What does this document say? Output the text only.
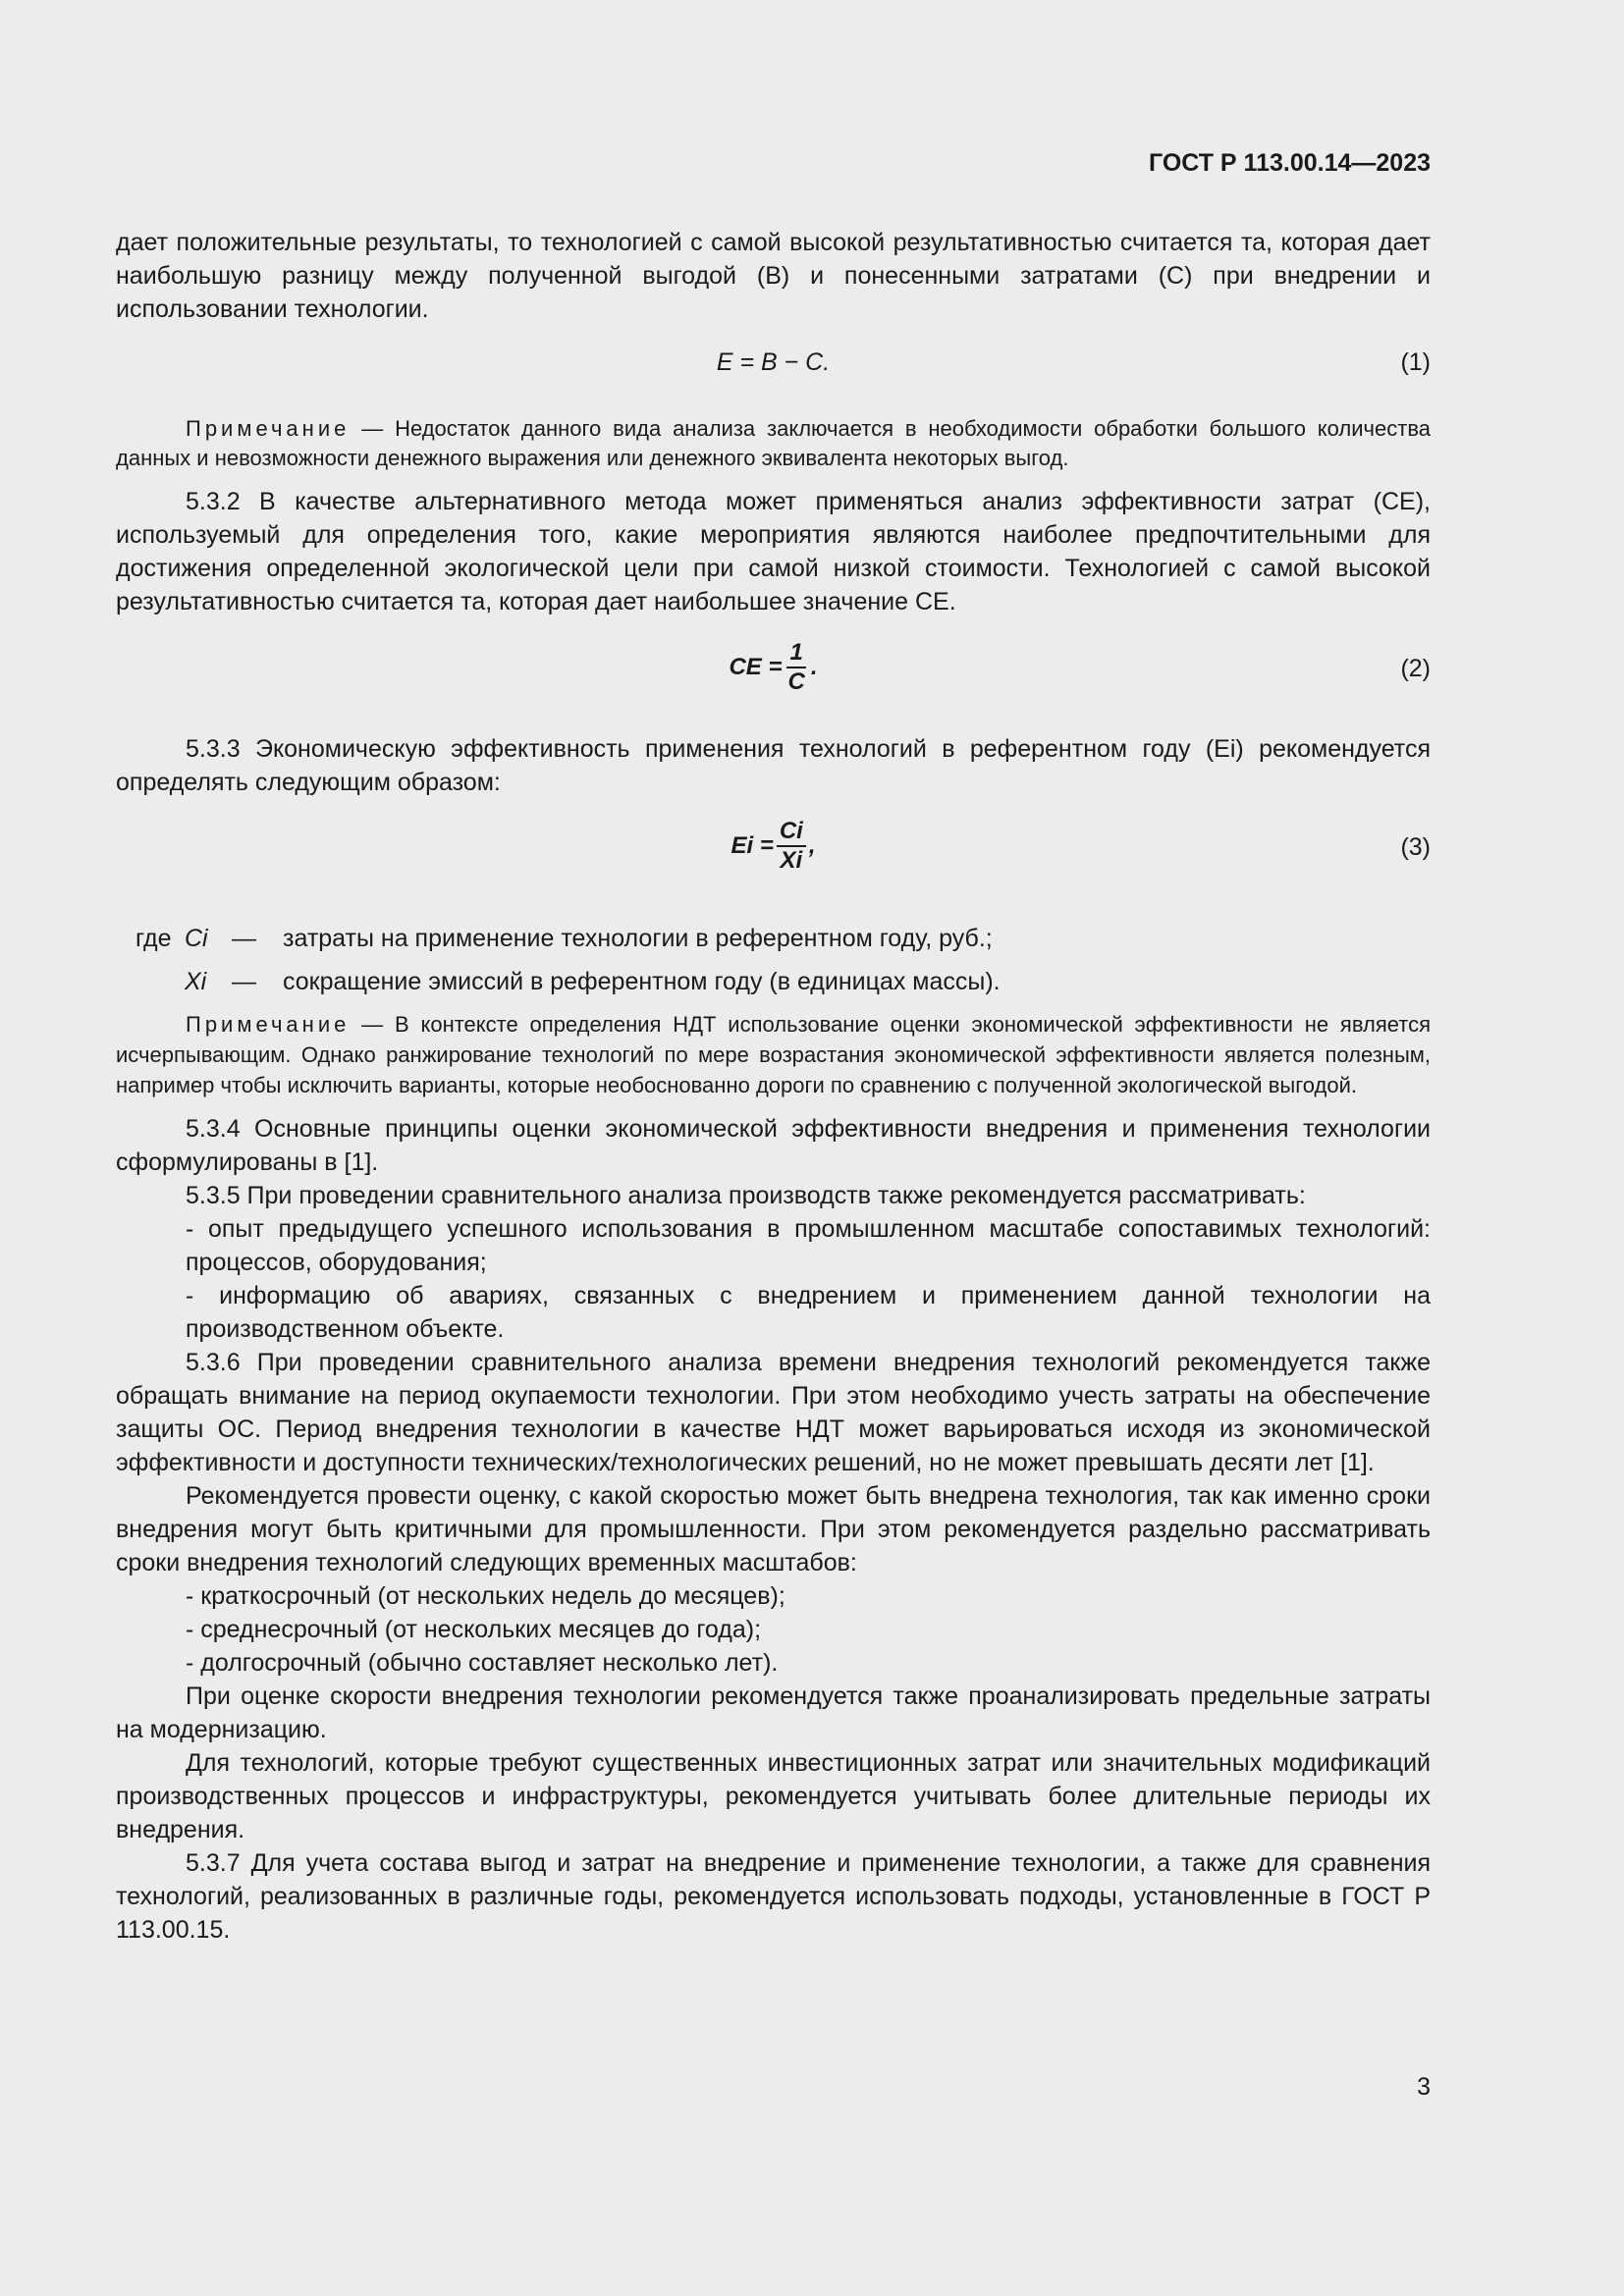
ГОСТ Р 113.00.14—2023

дает положительные результаты, то технологией с самой высокой результативностью считается та, которая дает наибольшую разницу между полученной выгодой (B) и понесенными затратами (C) при внедрении и использовании технологии.

E = B − C.	(1)

Примечание — Недостаток данного вида анализа заключается в необходимости обработки большого количества данных и невозможности денежного выражения или денежного эквивалента некоторых выгод.

5.3.2 В качестве альтернативного метода может применяться анализ эффективности затрат (CE), используемый для определения того, какие мероприятия являются наиболее предпочтительными для достижения определенной экологической цели при самой низкой стоимости. Технологией с самой высокой результативностью считается та, которая дает наибольшее значение CE.

CE = $\frac{1}{C}$ .	(2)

5.3.3 Экономическую эффективность применения технологий в референтном году (Ei) рекомендуется определять следующим образом:

$Ei = \frac{Ci}{Xi}$ ,	(3)
где Ci — затраты на применение технологии в референтном году, руб.;
Xi — сокращение эмиссий в референтном году (в единицах массы).

Примечание — В контексте определения НДТ использование оценки экономической эффективности не является исчерпывающим. Однако ранжирование технологий по мере возрастания экономической эффективности является полезным, например чтобы исключить варианты, которые необоснованно дороги по сравнению с полученной экологической выгодой.

5.3.4 Основные принципы оценки экономической эффективности внедрения и применения технологии сформулированы в [1].

5.3.5 При проведении сравнительного анализа производств также рекомендуется рассматривать:

- опыт предыдущего успешного использования в промышленном масштабе сопоставимых технологий: процессов, оборудования;

- информацию об авариях, связанных с внедрением и применением данной технологии на производственном объекте.

5.3.6 При проведении сравнительного анализа времени внедрения технологий рекомендуется также обращать внимание на период окупаемости технологии. При этом необходимо учесть затраты на обеспечение защиты ОС. Период внедрения технологии в качестве НДТ может варьироваться исходя из экономической эффективности и доступности технических/технологических решений, но не может превышать десяти лет [1].

Рекомендуется провести оценку, с какой скоростью может быть внедрена технология, так как именно сроки внедрения могут быть критичными для промышленности. При этом рекомендуется раздельно рассматривать сроки внедрения технологий следующих временных масштабов:

- краткосрочный (от нескольких недель до месяцев);

- среднесрочный (от нескольких месяцев до года);

- долгосрочный (обычно составляет несколько лет).

При оценке скорости внедрения технологии рекомендуется также проанализировать предельные затраты на модернизацию.

Для технологий, которые требуют существенных инвестиционных затрат или значительных модификаций производственных процессов и инфраструктуры, рекомендуется учитывать более длительные периоды их внедрения.

5.3.7 Для учета состава выгод и затрат на внедрение и применение технологии, а также для сравнения технологий, реализованных в различные годы, рекомендуется использовать подходы, установленные в ГОСТ Р 113.00.15.

3
